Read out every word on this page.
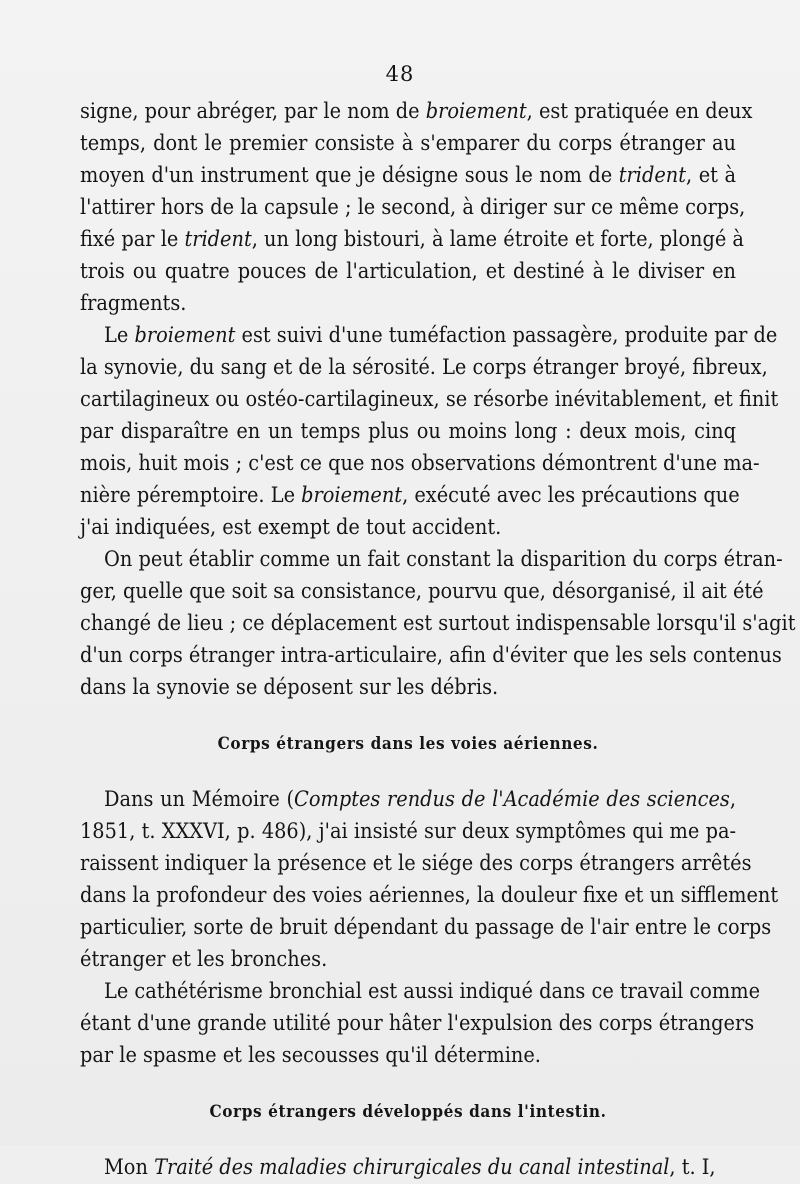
48
signe, pour abréger, par le nom de broiement, est pratiquée en deux
temps, dont le premier consiste à s'emparer du corps étranger au
moyen d'un instrument que je désigne sous le nom de trident, et à
l'attirer hors de la capsule ; le second, à diriger sur ce même corps,
fixé par le trident, un long bistouri, à lame étroite et forte, plongé à
trois ou quatre pouces de l'articulation, et destiné à le diviser en
fragments.
Le broiement est suivi d'une tuméfaction passagère, produite par de
la synovie, du sang et de la sérosité. Le corps étranger broyé, fibreux,
cartilagineux ou ostéo-cartilagineux, se résorbe inévitablement, et finit
par disparaître en un temps plus ou moins long : deux mois, cinq
mois, huit mois ; c'est ce que nos observations démontrent d'une ma-
nière péremptoire. Le broiement, exécuté avec les précautions que
j'ai indiquées, est exempt de tout accident.
On peut établir comme un fait constant la disparition du corps étran-
ger, quelle que soit sa consistance, pourvu que, désorganisé, il ait été
changé de lieu ; ce déplacement est surtout indispensable lorsqu'il s'agit
d'un corps étranger intra-articulaire, afin d'éviter que les sels contenus
dans la synovie se déposent sur les débris.
Corps étrangers dans les voies aériennes.
Dans un Mémoire (Comptes rendus de l'Académie des sciences,
1851, t. XXXVI, p. 486), j'ai insisté sur deux symptômes qui me pa-
raissent indiquer la présence et le siége des corps étrangers arrêtés
dans la profondeur des voies aériennes, la douleur fixe et un sifflement
particulier, sorte de bruit dépendant du passage de l'air entre le corps
étranger et les bronches.
Le cathétérisme bronchial est aussi indiqué dans ce travail comme
étant d'une grande utilité pour hâter l'expulsion des corps étrangers
par le spasme et les secousses qu'il détermine.
Corps étrangers développés dans l'intestin.
Mon Traité des maladies chirurgicales du canal intestinal, t. I,
